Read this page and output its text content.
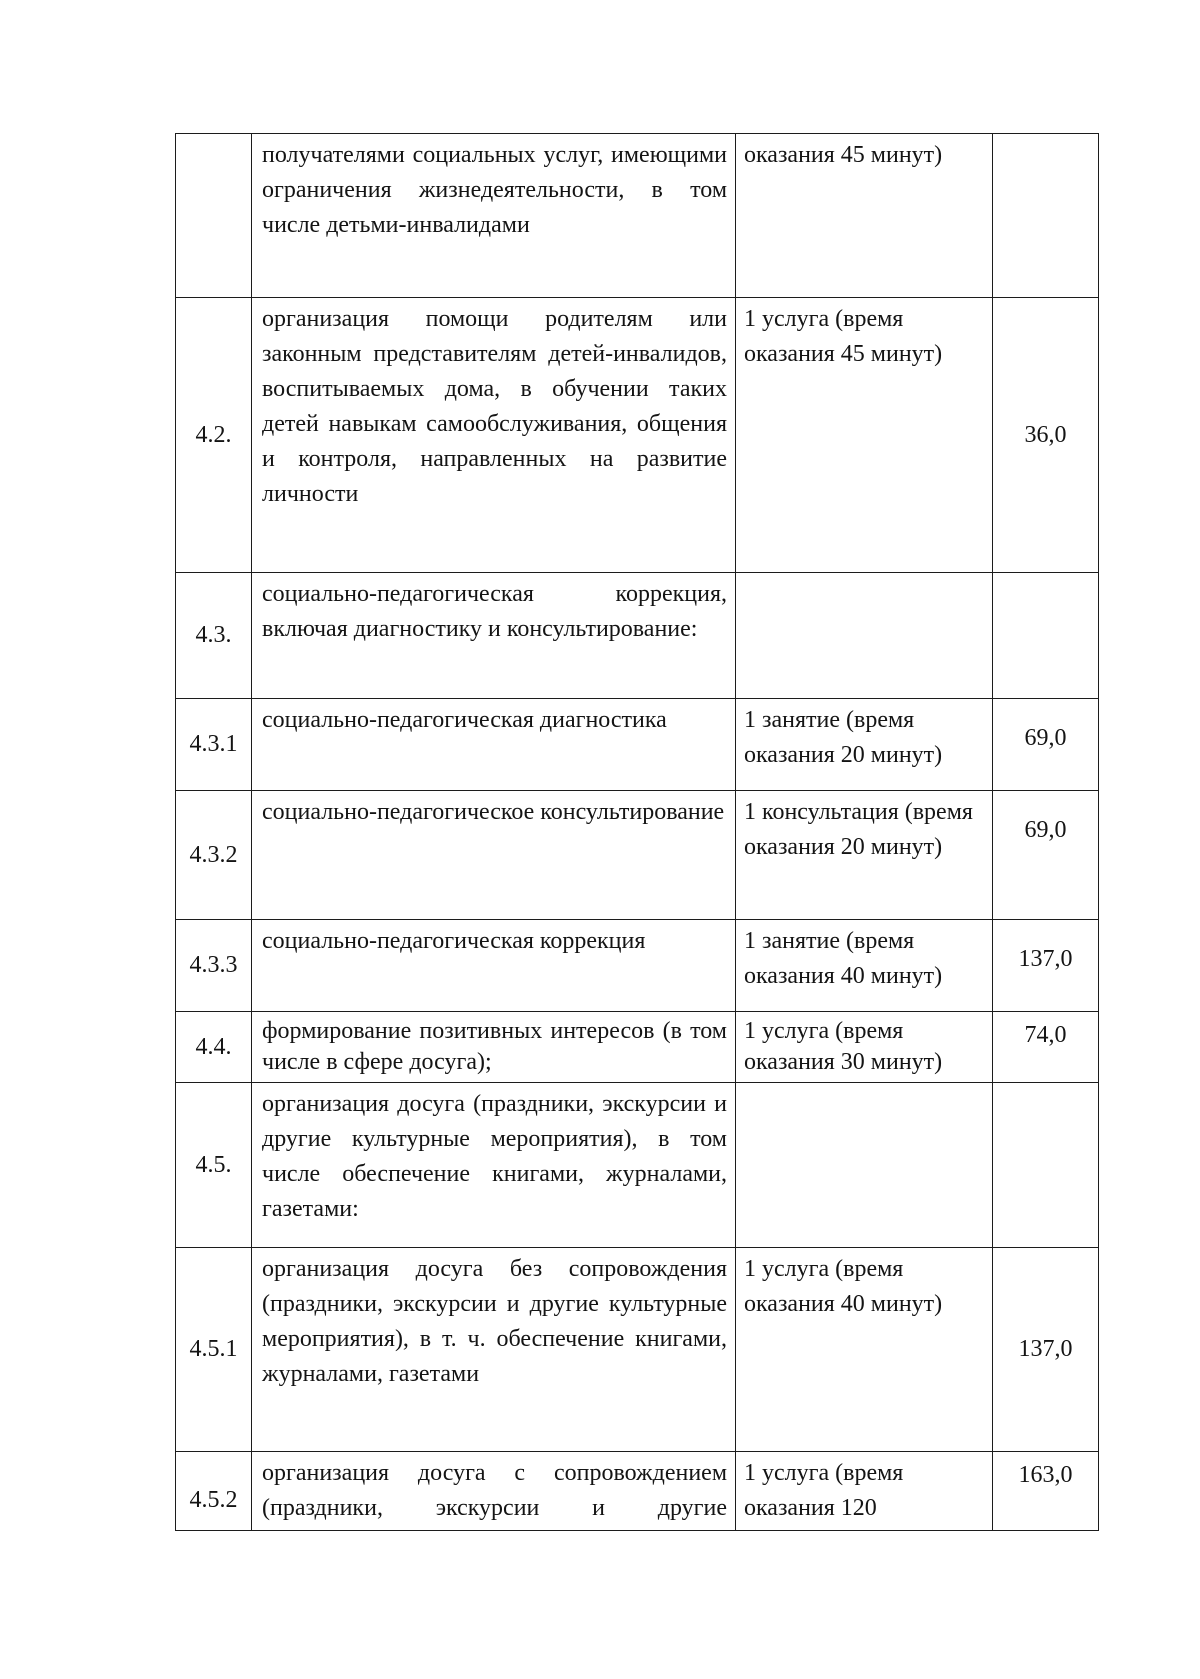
	получателями социальных услуг, имеющими ограничения жизнедеятельности, в том числе детьми-инвалидами	оказания 45 минут)	
4.2.	организация помощи родителям или законным представителям детей-инвалидов, воспитываемых дома, в обучении таких детей навыкам самообслуживания, общения и контроля, направленных на развитие личности	1 услуга (время оказания 45 минут)	36,0
4.3.	социально-педагогическая коррекция, включая диагностику и консультирование:		
4.3.1	социально-педагогическая диагностика	1 занятие (время оказания 20 минут)	69,0
4.3.2	социально-педагогическое консультирование	1 консультация (время оказания 20 минут)	69,0
4.3.3	социально-педагогическая коррекция	1 занятие (время оказания 40 минут)	137,0
4.4.	формирование позитивных интересов (в том числе в сфере досуга);	1 услуга (время оказания 30 минут)	74,0
4.5.	организация досуга (праздники, экскурсии и другие культурные мероприятия), в том числе обеспечение книгами, журналами, газетами:		
4.5.1	организация досуга без сопровождения (праздники, экскурсии и другие культурные мероприятия), в т. ч. обеспечение книгами, журналами, газетами	1 услуга (время оказания 40 минут)	137,0
4.5.2	организация досуга с сопровождением (праздники, экскурсии и другие	1 услуга (время оказания 120	163,0
